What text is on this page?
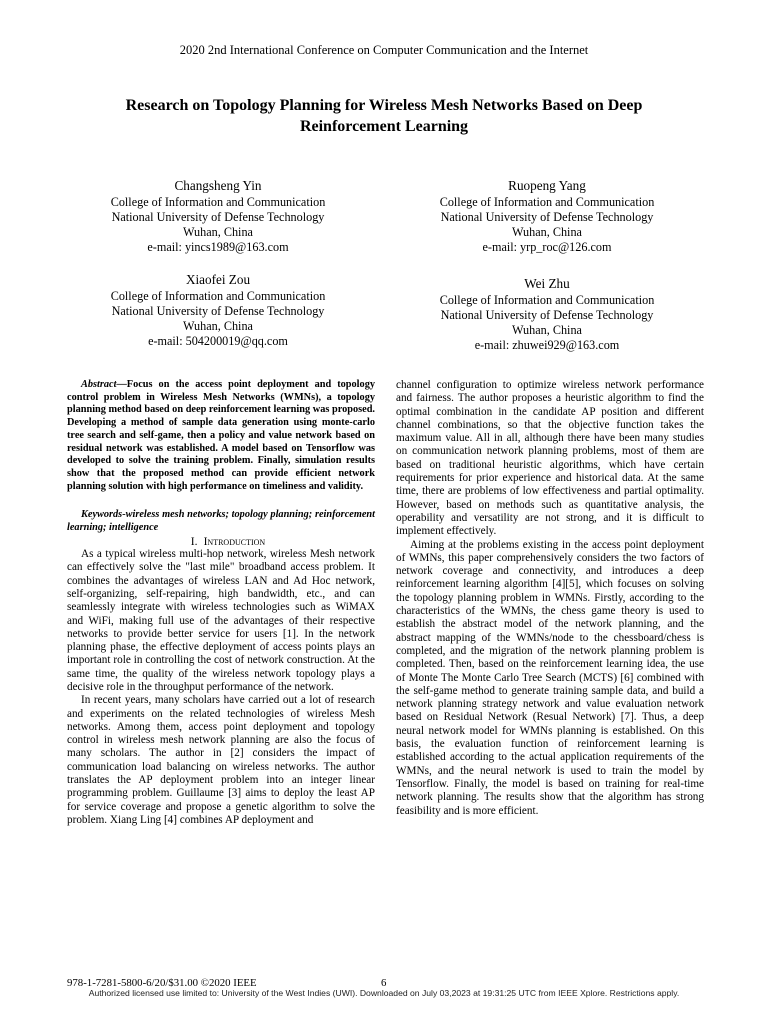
2020 2nd International Conference on Computer Communication and the Internet
Research on Topology Planning for Wireless Mesh Networks Based on Deep
Reinforcement Learning
Changsheng Yin
College of Information and Communication
National University of Defense Technology
Wuhan, China
e-mail: yincs1989@163.com
Ruopeng Yang
College of Information and Communication
National University of Defense Technology
Wuhan, China
e-mail: yrp_roc@126.com
Xiaofei Zou
College of Information and Communication
National University of Defense Technology
Wuhan, China
e-mail: 504200019@qq.com
Wei Zhu
College of Information and Communication
National University of Defense Technology
Wuhan, China
e-mail: zhuwei929@163.com

Abstract—Focus on the access point deployment and topology control problem in Wireless Mesh Networks (WMNs), a topology planning method based on deep reinforcement learning was proposed. Developing a method of sample data generation using monte-carlo tree search and self-game, then a policy and value network based on residual network was established. A model based on Tensorflow was developed to solve the training problem. Finally, simulation results show that the proposed method can provide efficient network planning solution with high performance on timeliness and validity.

Keywords-wireless mesh networks; topology planning; reinforcement learning; intelligence

I. Introduction

As a typical wireless multi-hop network, wireless Mesh network can effectively solve the "last mile" broadband access problem. It combines the advantages of wireless LAN and Ad Hoc network, self-organizing, self-repairing, high bandwidth, etc., and can seamlessly integrate with wireless technologies such as WiMAX and WiFi, making full use of the advantages of their respective networks to provide better service for users [1]. In the network planning phase, the effective deployment of access points plays an important role in controlling the cost of network construction. At the same time, the quality of the wireless network topology plays a decisive role in the throughput performance of the network.

In recent years, many scholars have carried out a lot of research and experiments on the related technologies of wireless Mesh networks. Among them, access point deployment and topology control in wireless mesh network planning are also the focus of many scholars. The author in [2] considers the impact of communication load balancing on wireless networks. The author translates the AP deployment problem into an integer linear programming problem. Guillaume [3] aims to deploy the least AP for service coverage and propose a genetic algorithm to solve the problem. Xiang Ling [4] combines AP deployment and

channel configuration to optimize wireless network performance and fairness. The author proposes a heuristic algorithm to find the optimal combination in the candidate AP position and different channel combinations, so that the objective function takes the maximum value. All in all, although there have been many studies on communication network planning problems, most of them are based on traditional heuristic algorithms, which have certain requirements for prior experience and historical data. At the same time, there are problems of low effectiveness and partial optimality. However, based on methods such as quantitative analysis, the operability and versatility are not strong, and it is difficult to implement effectively.

Aiming at the problems existing in the access point deployment of WMNs, this paper comprehensively considers the two factors of network coverage and connectivity, and introduces a deep reinforcement learning algorithm [4][5], which focuses on solving the topology planning problem in WMNs. Firstly, according to the characteristics of the WMNs, the chess game theory is used to establish the abstract model of the network planning, and the abstract mapping of the WMNs/node to the chessboard/chess is completed, and the migration of the network planning problem is completed. Then, based on the reinforcement learning idea, the use of Monte The Monte Carlo Tree Search (MCTS) [6] combined with the self-game method to generate training sample data, and build a network planning strategy network and value evaluation network based on Residual Network (Resual Network) [7]. Thus, a deep neural network model for WMNs planning is established. On this basis, the evaluation function of reinforcement learning is established according to the actual application requirements of the WMNs, and the neural network is used to train the model by Tensorflow. Finally, the model is based on training for real-time network planning. The results show that the algorithm has strong feasibility and is more efficient.

978-1-7281-5800-6/20/$31.00 ©2020 IEEE	6
Authorized licensed use limited to: University of the West Indies (UWI). Downloaded on July 03,2023 at 19:31:25 UTC from IEEE Xplore. Restrictions apply.
